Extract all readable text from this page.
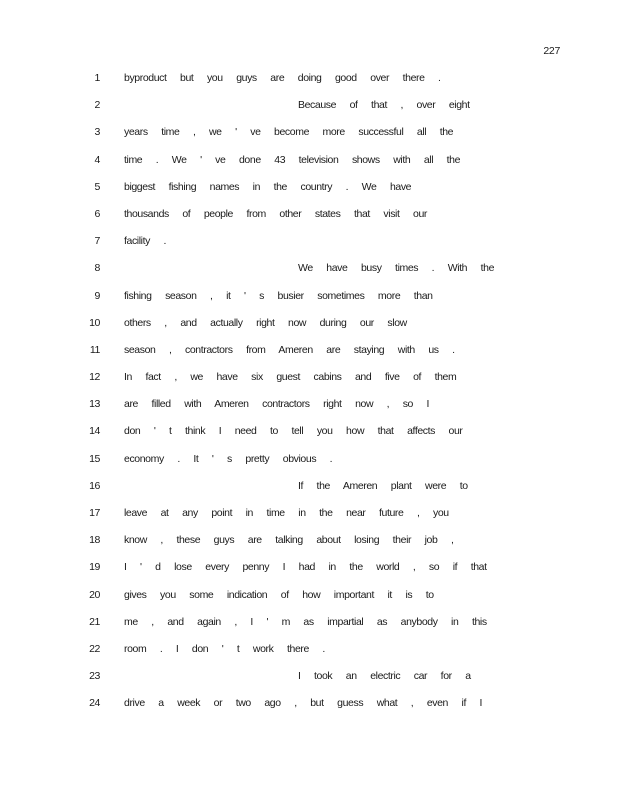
227
1 byproduct but you guys are doing good over there .
2	Because of that , over eight
3 years time , we ' ve become more successful all the
4 time . We ' ve done 43 television shows with all the
5 biggest fishing names in the country . We have
6 thousands of people from other states that visit our
7 facility .
8	We have busy times . With the
9 fishing season , it ' s busier sometimes more than
10 others , and actually right now during our slow
11 season , contractors from Ameren are staying with us .
12 In fact , we have six guest cabins and five of them
13 are filled with Ameren contractors right now , so I
14 don ' t think I need to tell you how that affects our
15 economy . It ' s pretty obvious .
16	If the Ameren plant were to
17 leave at any point in time in the near future , you
18 know , these guys are talking about losing their job ,
19 I ' d lose every penny I had in the world , so if that
20 gives you some indication of how important it is to
21 me , and again , I ' m as impartial as anybody in this
22 room . I don ' t work there .
23	I took an electric car for a
24 drive a week or two ago , but guess what , even if I
